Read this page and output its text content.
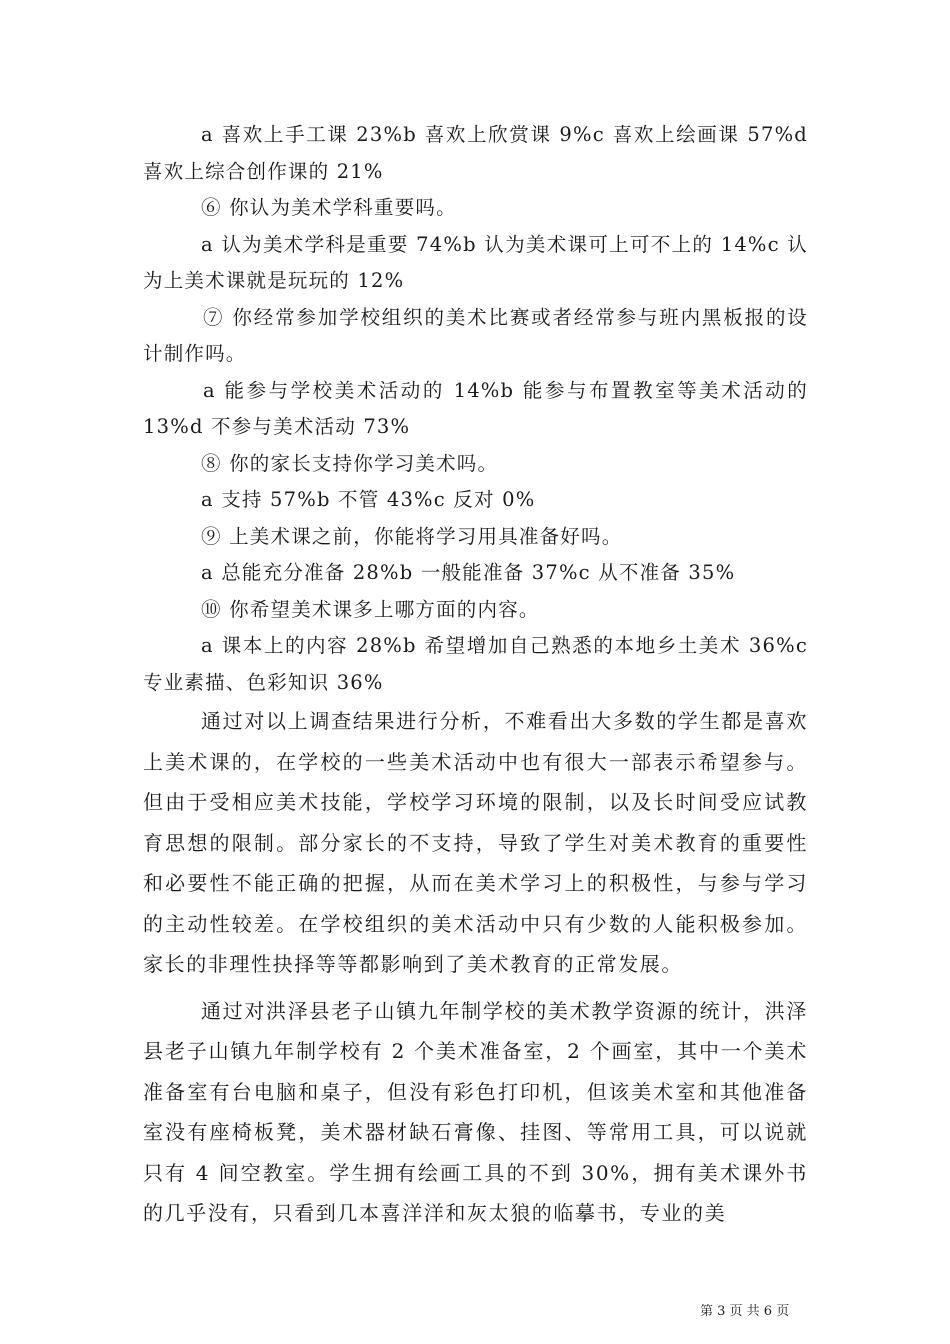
a 喜欢上手工课 23%b 喜欢上欣赏课 9%c 喜欢上绘画课 57%d 喜欢上综合创作课的 21%

⑥ 你认为美术学科重要吗。

a 认为美术学科是重要 74%b 认为美术课可上可不上的 14%c 认为上美术课就是玩玩的 12%

⑦ 你经常参加学校组织的美术比赛或者经常参与班内黑板报的设计制作吗。

a 能参与学校美术活动的 14%b 能参与布置教室等美术活动的 13%d 不参与美术活动 73%

⑧ 你的家长支持你学习美术吗。

a 支持 57%b 不管 43%c 反对 0%

⑨ 上美术课之前，你能将学习用具准备好吗。

a 总能充分准备 28%b 一般能准备 37%c 从不准备 35%

⑩ 你希望美术课多上哪方面的内容。

a 课本上的内容 28%b 希望增加自己熟悉的本地乡土美术 36%c 专业素描、色彩知识 36%

通过对以上调查结果进行分析，不难看出大多数的学生都是喜欢上美术课的，在学校的一些美术活动中也有很大一部表示希望参与。但由于受相应美术技能，学校学习环境的限制，以及长时间受应试教育思想的限制。部分家长的不支持，导致了学生对美术教育的重要性和必要性不能正确的把握，从而在美术学习上的积极性，与参与学习的主动性较差。在学校组织的美术活动中只有少数的人能积极参加。家长的非理性抉择等等都影响到了美术教育的正常发展。

通过对洪泽县老子山镇九年制学校的美术教学资源的统计，洪泽县老子山镇九年制学校有 2 个美术准备室，2 个画室，其中一个美术准备室有台电脑和桌子，但没有彩色打印机，但该美术室和其他准备室没有座椅板凳，美术器材缺石膏像、挂图、等常用工具，可以说就只有 4 间空教室。学生拥有绘画工具的不到 30%，拥有美术课外书的几乎没有，只看到几本喜洋洋和灰太狼的临摹书，专业的美

第 3 页 共 6 页
